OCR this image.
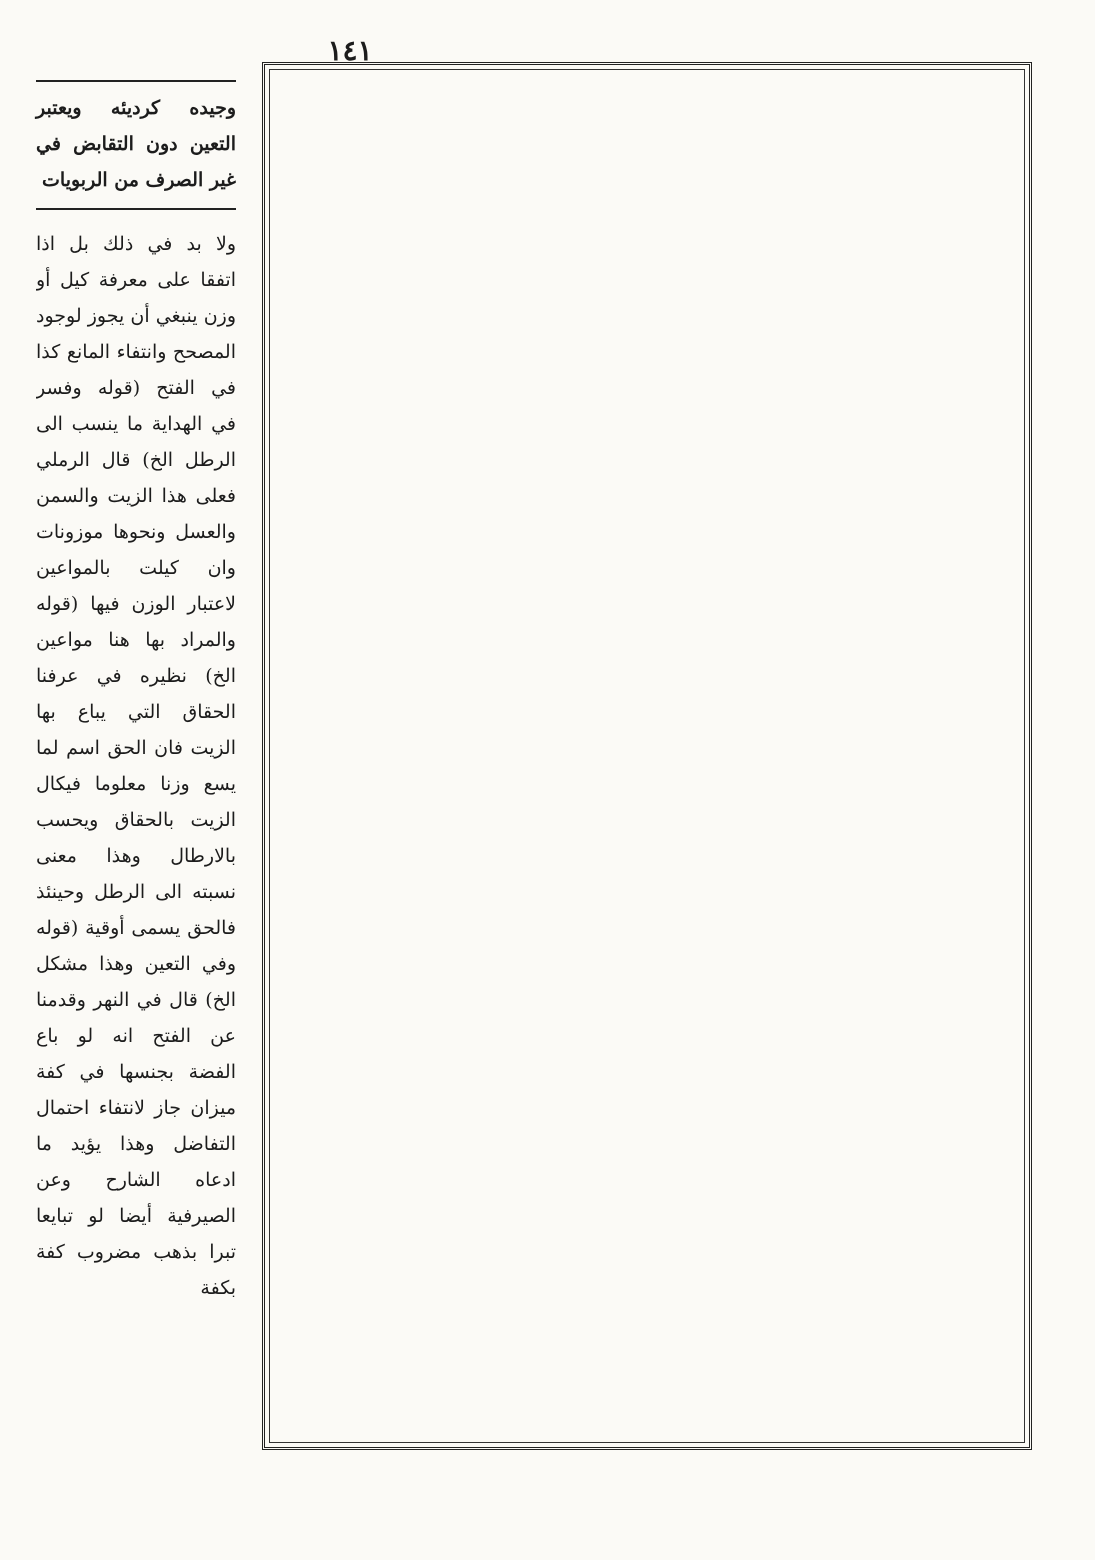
١٤١

وجيده كرديئه ويعتبر التعين دون التقابض في غير الصرف من الربويات

ولا بد في ذلك بل اذا اتفقا على معرفة كيل أو وزن ينبغي أن يجوز لوجود المصحح وانتفاء المانع كذا في الفتح (قوله وفسر في الهداية ما ينسب الى الرطل الخ) قال الرملي فعلى هذا الزيت والسمن والعسل ونحوها موزونات وان كيلت بالمواعين لاعتبار الوزن فيها (قوله والمراد بها هنا مواعين الخ) نظيره في عرفنا الحقاق التي يباع بها الزيت فان الحق اسم لما يسع وزنا معلوما فيكال الزيت بالحقاق ويحسب بالارطال وهذا معنى نسبته الى الرطل وحينئذ فالحق يسمى أوقية (قوله وفي التعين وهذا مشكل الخ) قال في النهر وقدمنا عن الفتح انه لو باع الفضة بجنسها في كفة ميزان جاز لانتفاء احتمال التفاضل وهذا يؤيد ما ادعاه الشارح وعن الصيرفية أيضا لو تبايعا تبرا بذهب مضروب كفة بكفة
